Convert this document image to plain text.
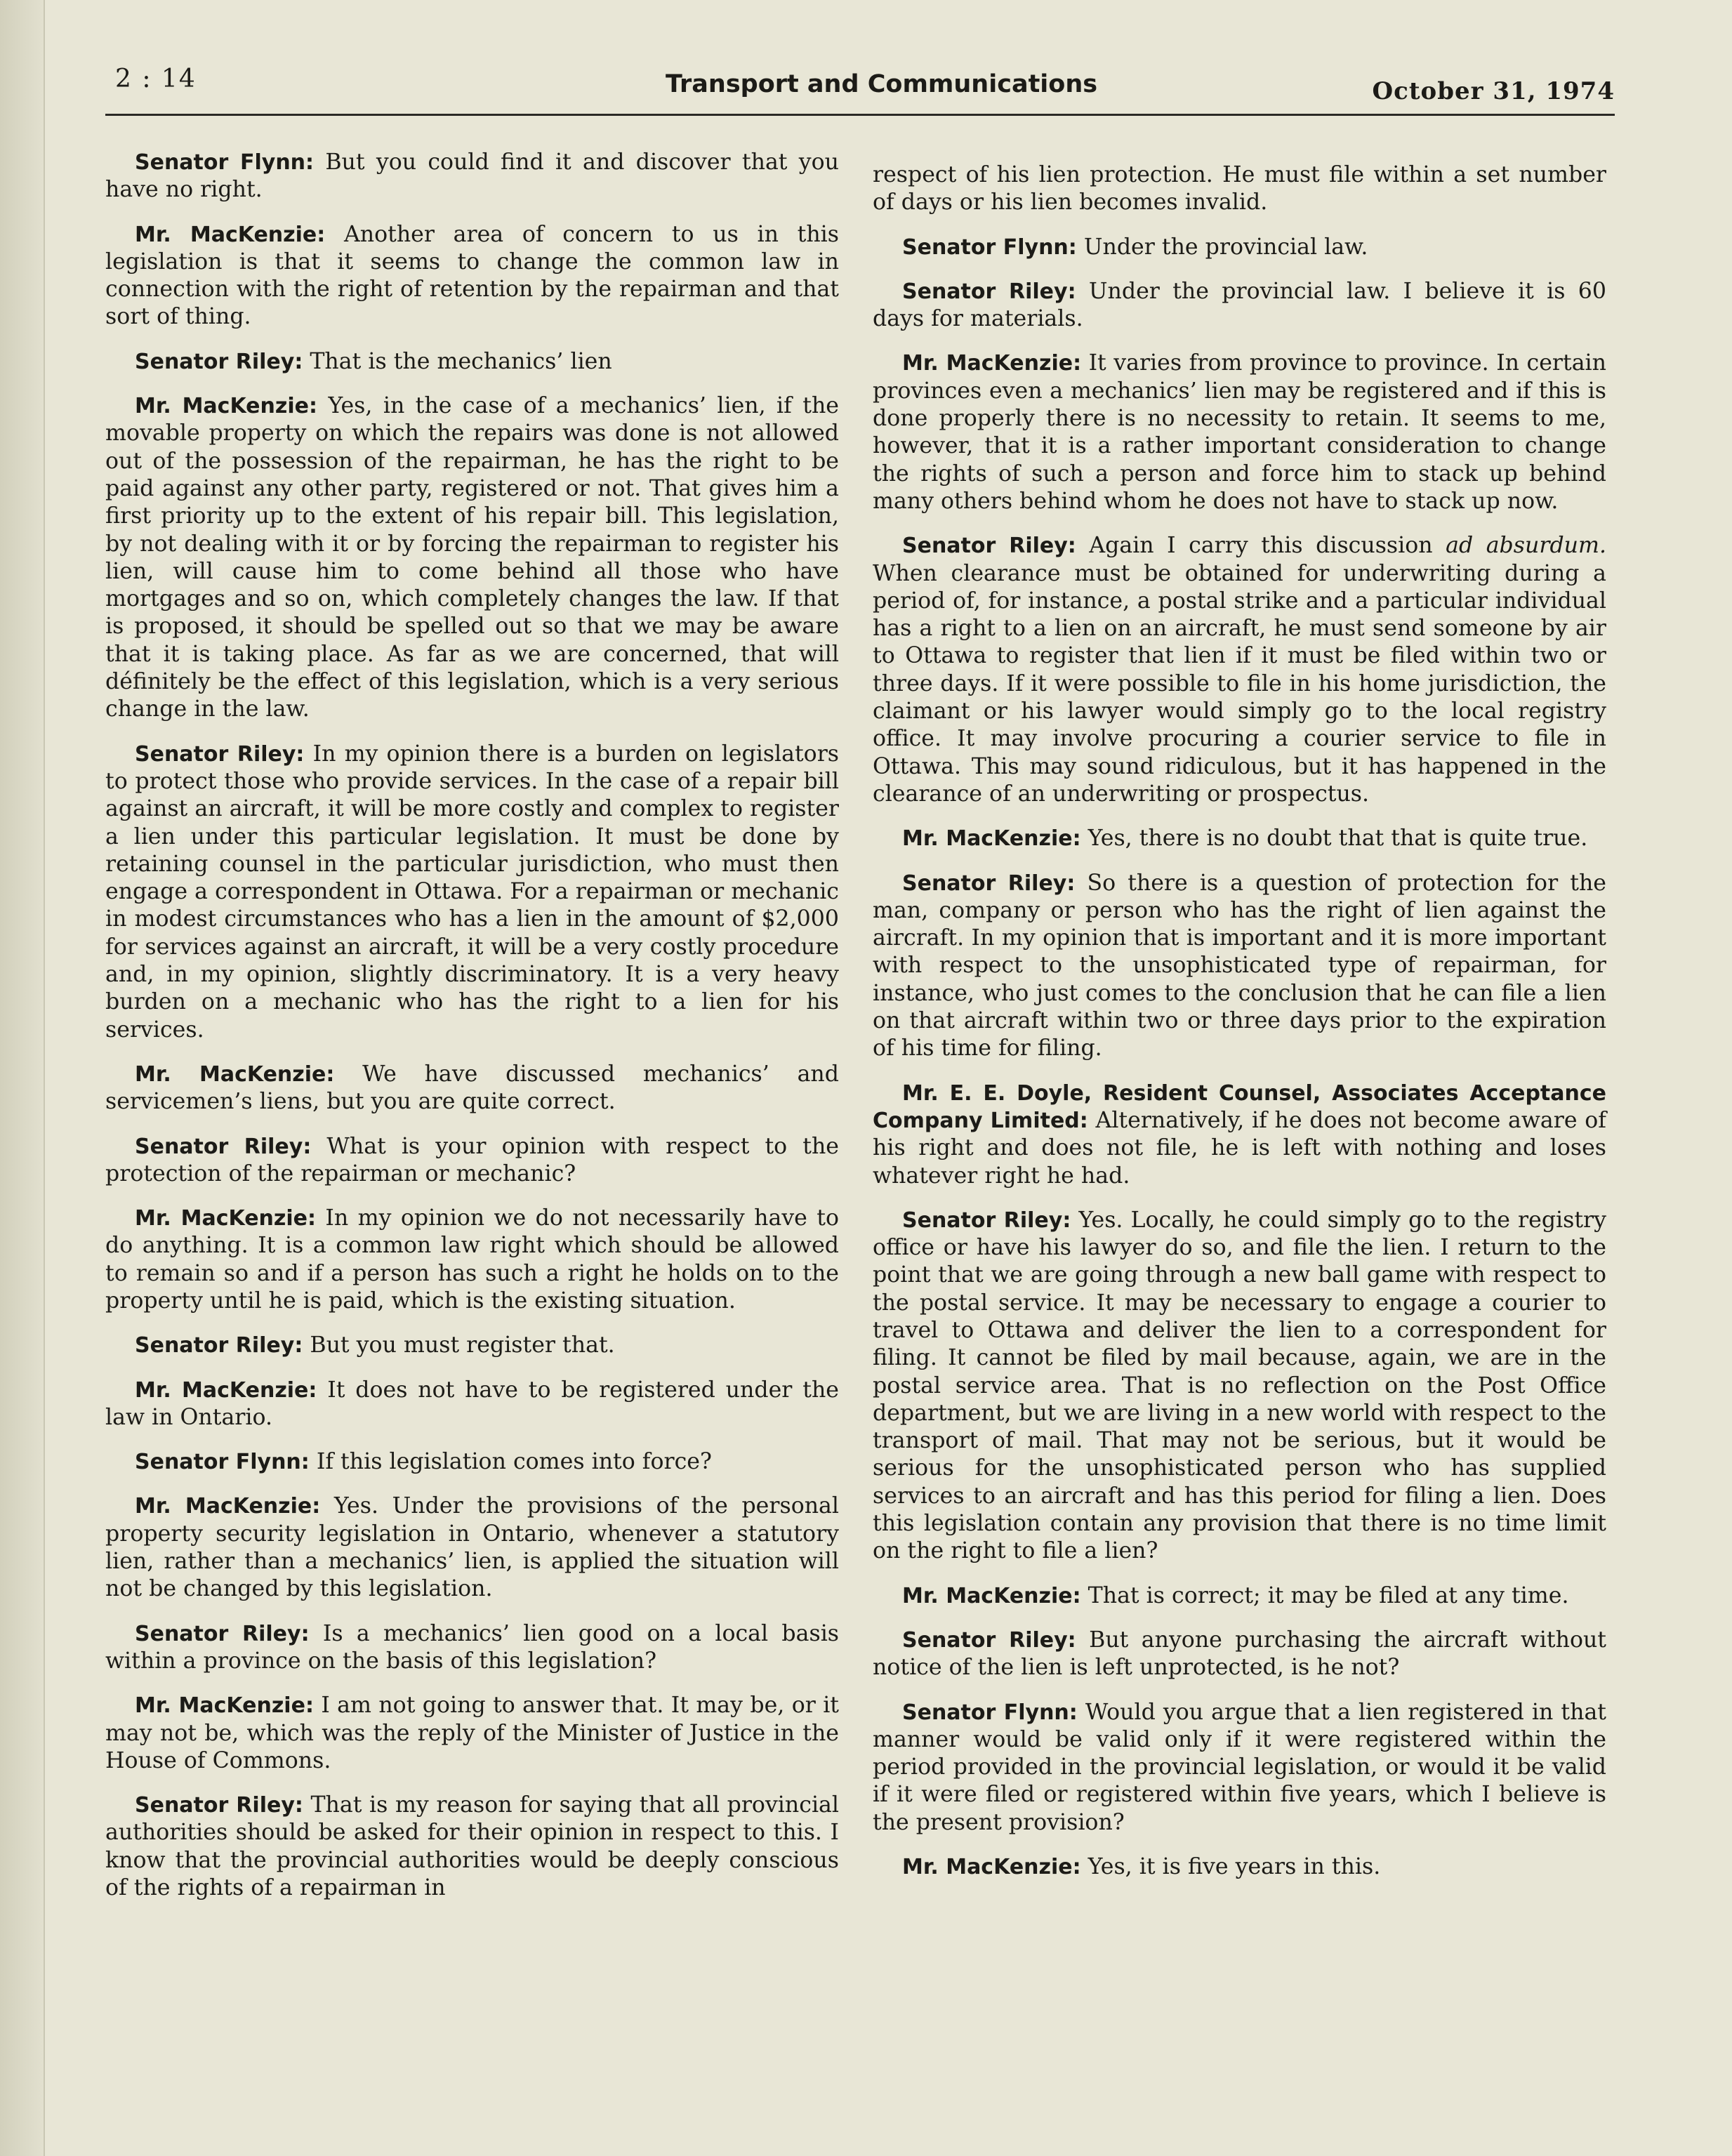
2 : 14	Transport and Communications	October 31, 1974

Senator Flynn: But you could find it and discover that you have no right.

Mr. MacKenzie: Another area of concern to us in this legislation is that it seems to change the common law in connection with the right of retention by the repairman and that sort of thing.

Senator Riley: That is the mechanics’ lien

Mr. MacKenzie: Yes, in the case of a mechanics’ lien, if the movable property on which the repairs was done is not allowed out of the possession of the repairman, he has the right to be paid against any other party, registered or not. That gives him a first priority up to the extent of his repair bill. This legislation, by not dealing with it or by forcing the repairman to register his lien, will cause him to come behind all those who have mortgages and so on, which completely changes the law. If that is proposed, it should be spelled out so that we may be aware that it is taking place. As far as we are concerned, that will définitely be the effect of this legislation, which is a very serious change in the law.

Senator Riley: In my opinion there is a burden on legislators to protect those who provide services. In the case of a repair bill against an aircraft, it will be more costly and complex to register a lien under this particular legislation. It must be done by retaining counsel in the particular jurisdiction, who must then engage a correspondent in Ottawa. For a repairman or mechanic in modest circumstances who has a lien in the amount of $2,000 for services against an aircraft, it will be a very costly procedure and, in my opinion, slightly discriminatory. It is a very heavy burden on a mechanic who has the right to a lien for his services.

Mr. MacKenzie: We have discussed mechanics’ and servicemen’s liens, but you are quite correct.

Senator Riley: What is your opinion with respect to the protection of the repairman or mechanic?

Mr. MacKenzie: In my opinion we do not necessarily have to do anything. It is a common law right which should be allowed to remain so and if a person has such a right he holds on to the property until he is paid, which is the existing situation.

Senator Riley: But you must register that.

Mr. MacKenzie: It does not have to be registered under the law in Ontario.

Senator Flynn: If this legislation comes into force?

Mr. MacKenzie: Yes. Under the provisions of the personal property security legislation in Ontario, whenever a statutory lien, rather than a mechanics’ lien, is applied the situation will not be changed by this legislation.

Senator Riley: Is a mechanics’ lien good on a local basis within a province on the basis of this legislation?

Mr. MacKenzie: I am not going to answer that. It may be, or it may not be, which was the reply of the Minister of Justice in the House of Commons.

Senator Riley: That is my reason for saying that all provincial authorities should be asked for their opinion in respect to this. I know that the provincial authorities would be deeply conscious of the rights of a repairman in

respect of his lien protection. He must file within a set number of days or his lien becomes invalid.

Senator Flynn: Under the provincial law.

Senator Riley: Under the provincial law. I believe it is 60 days for materials.

Mr. MacKenzie: It varies from province to province. In certain provinces even a mechanics’ lien may be registered and if this is done properly there is no necessity to retain. It seems to me, however, that it is a rather important consideration to change the rights of such a person and force him to stack up behind many others behind whom he does not have to stack up now.

Senator Riley: Again I carry this discussion ad absurdum. When clearance must be obtained for underwriting during a period of, for instance, a postal strike and a particular individual has a right to a lien on an aircraft, he must send someone by air to Ottawa to register that lien if it must be filed within two or three days. If it were possible to file in his home jurisdiction, the claimant or his lawyer would simply go to the local registry office. It may involve procuring a courier service to file in Ottawa. This may sound ridiculous, but it has happened in the clearance of an underwriting or prospectus.

Mr. MacKenzie: Yes, there is no doubt that that is quite true.

Senator Riley: So there is a question of protection for the man, company or person who has the right of lien against the aircraft. In my opinion that is important and it is more important with respect to the unsophisticated type of repairman, for instance, who just comes to the conclusion that he can file a lien on that aircraft within two or three days prior to the expiration of his time for filing.

Mr. E. E. Doyle, Resident Counsel, Associates Acceptance Company Limited: Alternatively, if he does not become aware of his right and does not file, he is left with nothing and loses whatever right he had.

Senator Riley: Yes. Locally, he could simply go to the registry office or have his lawyer do so, and file the lien. I return to the point that we are going through a new ball game with respect to the postal service. It may be necessary to engage a courier to travel to Ottawa and deliver the lien to a correspondent for filing. It cannot be filed by mail because, again, we are in the postal service area. That is no reflection on the Post Office department, but we are living in a new world with respect to the transport of mail. That may not be serious, but it would be serious for the unsophisticated person who has supplied services to an aircraft and has this period for filing a lien. Does this legislation contain any provision that there is no time limit on the right to file a lien?

Mr. MacKenzie: That is correct; it may be filed at any time.

Senator Riley: But anyone purchasing the aircraft without notice of the lien is left unprotected, is he not?

Senator Flynn: Would you argue that a lien registered in that manner would be valid only if it were registered within the period provided in the provincial legislation, or would it be valid if it were filed or registered within five years, which I believe is the present provision?

Mr. MacKenzie: Yes, it is five years in this.
